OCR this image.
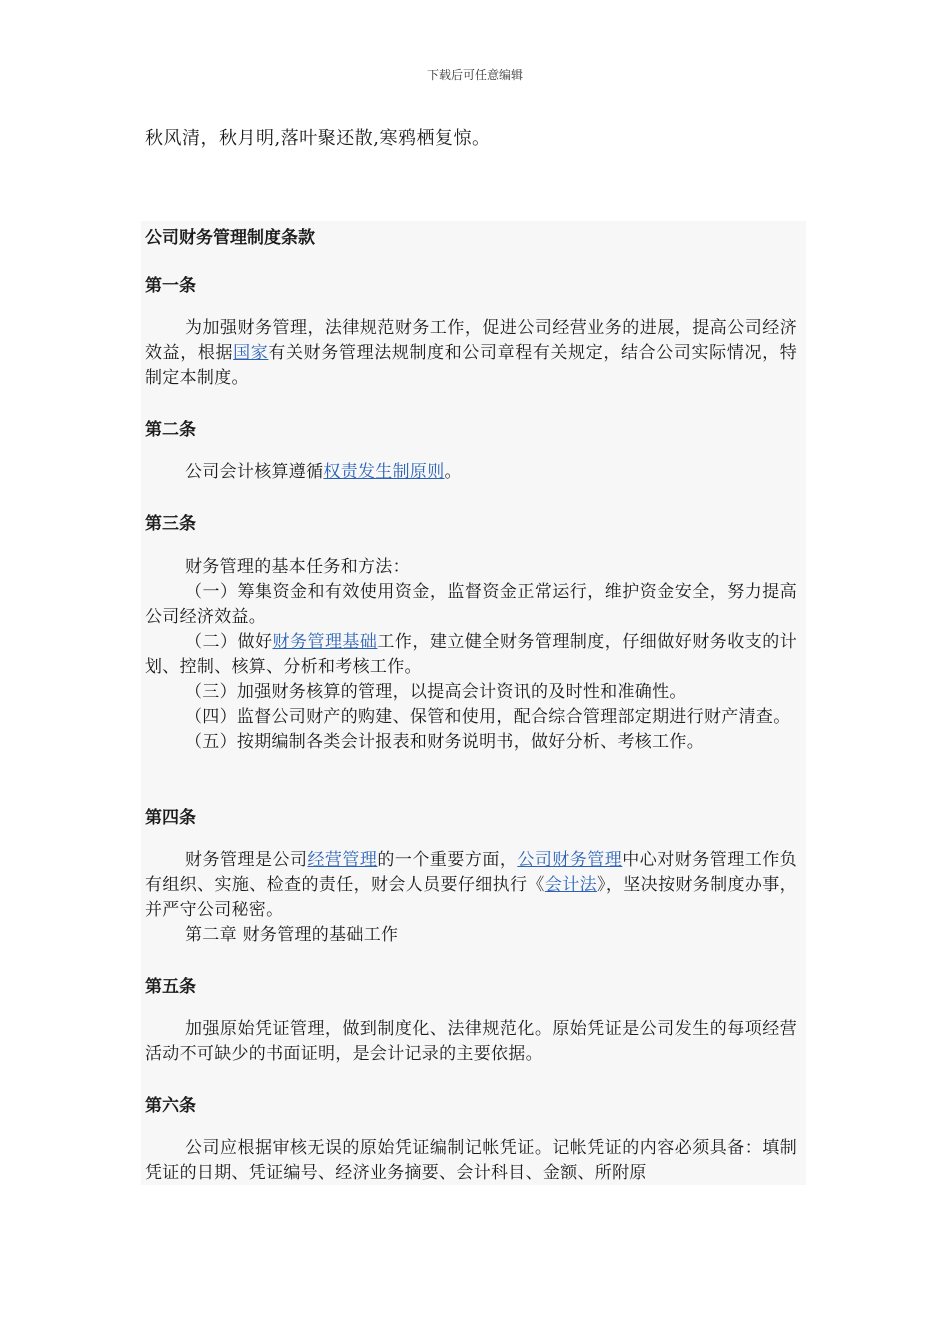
下载后可任意编辑
秋风清，秋月明,落叶聚还散,寒鸦栖复惊。
公司财务管理制度条款
第一条

为加强财务管理，法律规范财务工作，促进公司经营业务的进展，提高公司经济效益，根据国家有关财务管理法规制度和公司章程有关规定，结合公司实际情况，特制定本制度。

第二条

公司会计核算遵循权责发生制原则。

第三条

财务管理的基本任务和方法：

（一）筹集资金和有效使用资金，监督资金正常运行，维护资金安全，努力提高公司经济效益。

（二）做好财务管理基础工作，建立健全财务管理制度，仔细做好财务收支的计划、控制、核算、分析和考核工作。

（三）加强财务核算的管理，以提高会计资讯的及时性和准确性。

（四）监督公司财产的购建、保管和使用，配合综合管理部定期进行财产清查。

（五）按期编制各类会计报表和财务说明书，做好分析、考核工作。

第四条

财务管理是公司经营管理的一个重要方面，公司财务管理中心对财务管理工作负有组织、实施、检查的责任，财会人员要仔细执行《会计法》，坚决按财务制度办事，并严守公司秘密。

第二章 财务管理的基础工作

第五条

加强原始凭证管理，做到制度化、法律规范化。原始凭证是公司发生的每项经营活动不可缺少的书面证明，是会计记录的主要依据。

第六条

公司应根据审核无误的原始凭证编制记帐凭证。记帐凭证的内容必须具备：填制凭证的日期、凭证编号、经济业务摘要、会计科目、金额、所附原
